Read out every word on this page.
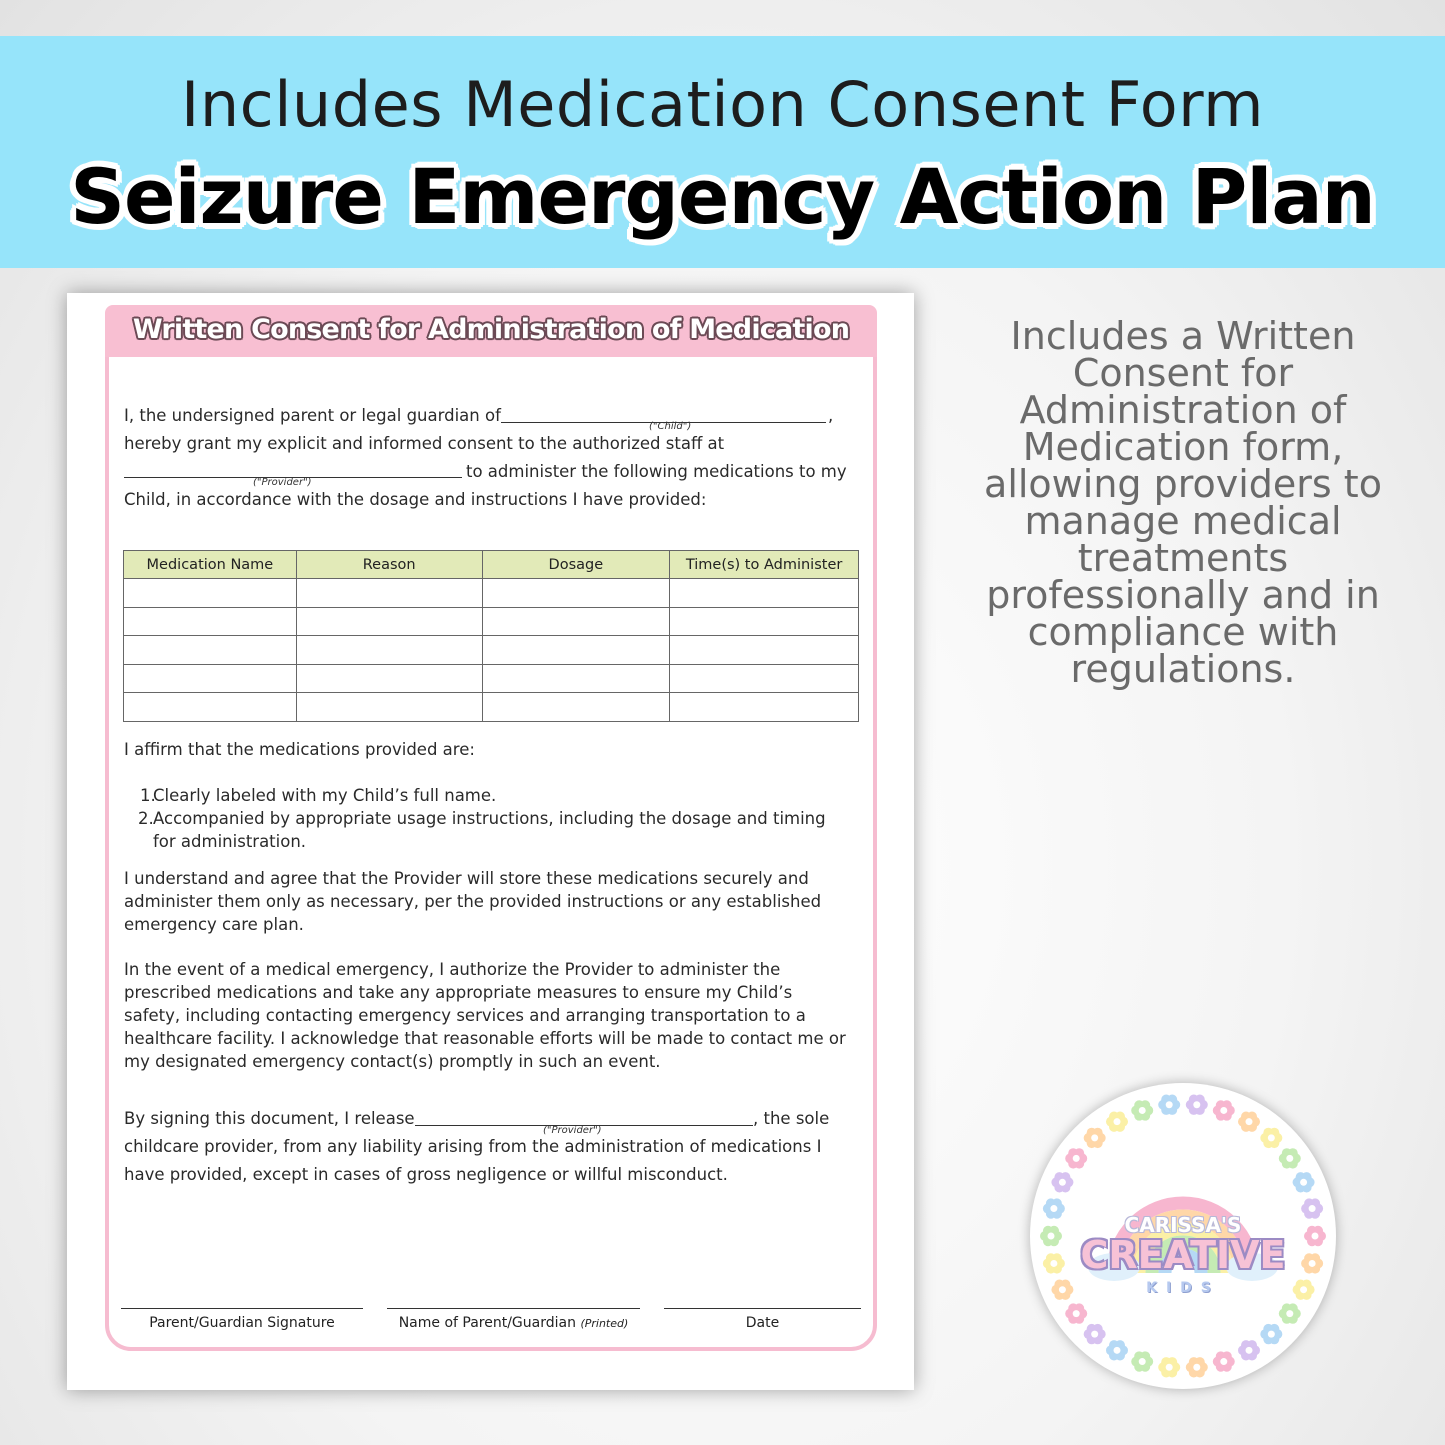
Includes Medication Consent Form
Seizure Emergency Action Plan
Written Consent for Administration of Medication
I, the undersigned parent or legal guardian of	,
("Child")
hereby grant my explicit and informed consent to the authorized staff at
("Provider")
to administer the following medications to my
Child, in accordance with the dosage and instructions I have provided:
Medication Name	Reason	Dosage	Time(s) to Administer

I affirm that the medications provided are:
1.
Clearly labeled with my Child’s full name.
2. Accompanied by appropriate usage instructions, including the dosage and timing
for administration.
I understand and agree that the Provider will store these medications securely and
administer them only as necessary, per the provided instructions or any established
emergency care plan.
In the event of a medical emergency, I authorize the Provider to administer the
prescribed medications and take any appropriate measures to ensure my Child’s
safety, including contacting emergency services and arranging transportation to a
healthcare facility. I acknowledge that reasonable efforts will be made to contact me or
my designated emergency contact(s) promptly in such an event.
By signing this document, I release
("Provider")
, the sole
childcare provider, from any liability arising from the administration of medications I
have provided, except in cases of gross negligence or willful misconduct.
Parent/Guardian Signature	Name of Parent/Guardian (Printed)	Date
Includes a Written Consent for Administration of Medication form, allowing providers to manage medical treatments professionally and in compliance with regulations.
CARISSA'S
CREATIVE
KIDS
